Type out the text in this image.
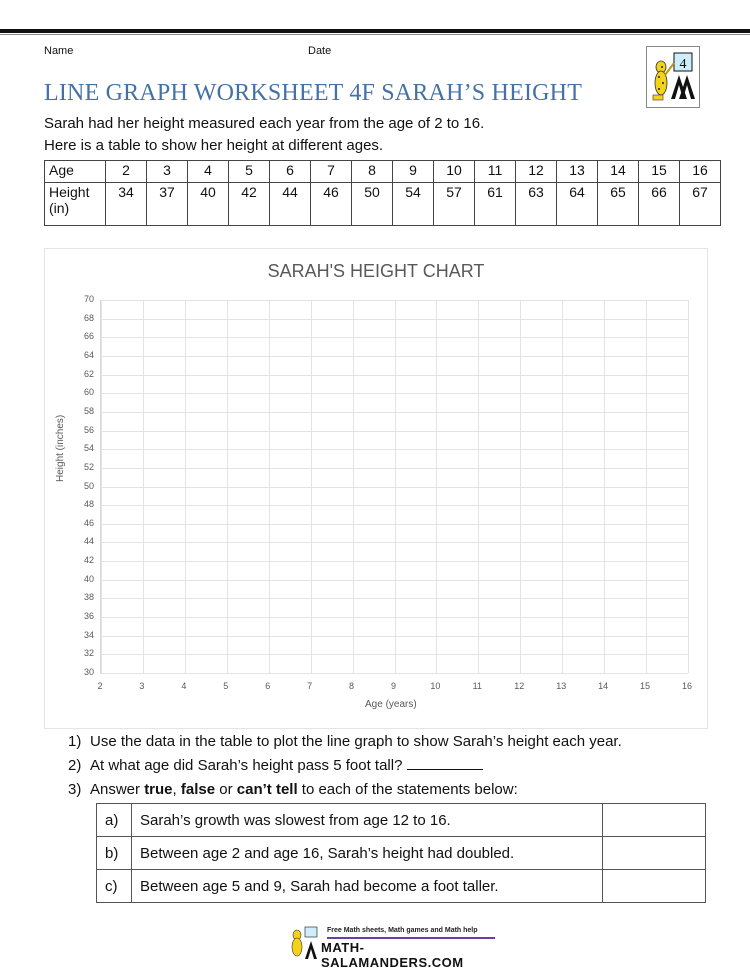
Name	Date
4
LINE GRAPH WORKSHEET 4F SARAH’S HEIGHT
Sarah had her height measured each year from the age of 2 to 16.
Here is a table to show her height at different ages.
Age	2	3	4	5	6	7	8	9	10	11	12	13	14	15	16
Height (in)	34	37	40	42	44	46	50	54	57	61	63	64	65	66	67
SARAH'S HEIGHT CHART
30
32
34
36
38
40
42
44
46
48
50
52
54
56
58
60
62
64
66
68
70
2	3	4	5	6	7	8	9	10	11	12	13	14	15	16
Height (inches)
Age (years)
1) Use the data in the table to plot the line graph to show Sarah’s height each year.
2) At what age did Sarah’s height pass 5 foot tall?
3) Answer true, false or can’t tell to each of the statements below:
a)	Sarah’s growth was slowest from age 12 to 16.	
b)	Between age 2 and age 16, Sarah’s height had doubled.	
c)	Between age 5 and 9, Sarah had become a foot taller.	
Free Math sheets, Math games and Math help
MATH-SALAMANDERS.COM
